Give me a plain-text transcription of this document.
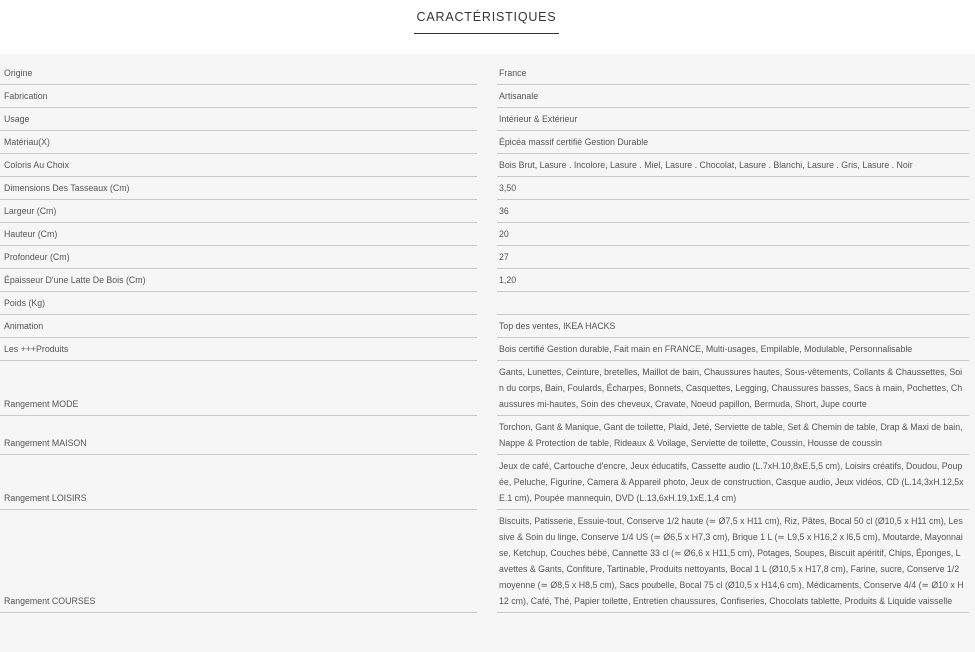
CARACTÉRISTIQUES
Origine		France	
Fabrication		Artisanale	
Usage		Intérieur & Extérieur	
Matériau(X)		Épicéa massif certifié Gestion Durable	
Coloris Au Choix		Bois Brut, Lasure . Incolore, Lasure . Miel, Lasure . Chocolat, Lasure . Blanchi, Lasure . Gris, Lasure . Noir	
Dimensions Des Tasseaux (Cm)		3,50	
Largeur (Cm)		36	
Hauteur (Cm)		20	
Profondeur (Cm)		27	
Épaisseur D'une Latte De Bois (Cm)		1,20	
Poids (Kg)			
Animation		Top des ventes, IKEA HACKS	
Les +++Produits		Bois certifié Gestion durable, Fait main en FRANCE, Multi-usages, Empilable, Modulable, Personnalisable	
Rangement MODE		Gants, Lunettes, Ceinture, bretelles, Maillot de bain, Chaussures hautes, Sous-vêtements, Collants & Chaussettes, Soin du corps, Bain, Foulards, Écharpes, Bonnets, Casquettes, Legging, Chaussures basses, Sacs à main, Pochettes, Chaussures mi-hautes, Soin des cheveux, Cravate, Noeud papillon, Bermuda, Short, Jupe courte	
Rangement MAISON		Torchon, Gant & Manique, Gant de toilette, Plaid, Jeté, Serviette de table, Set & Chemin de table, Drap & Maxi de bain, Nappe & Protection de table, Rideaux & Voilage, Serviette de toilette, Coussin, Housse de coussin	
Rangement LOISIRS		Jeux de café, Cartouche d'encre, Jeux éducatifs, Cassette audio (L.7xH.10,8xE.5,5 cm), Loisirs créatifs, Doudou, Poupée, Peluche, Figurine, Camera & Appareil photo, Jeux de construction, Casque audio, Jeux vidéos, CD (L.14,3xH.12,5xE.1 cm), Poupée mannequin, DVD (L.13,6xH.19,1xE.1,4 cm)	
Rangement COURSES		Biscuits, Patisserie, Essuie-tout, Conserve 1/2 haute (≃ Ø7,5 x H11 cm), Riz, Pâtes, Bocal 50 cl (Ø10,5 x H11 cm), Lessive & Soin du linge, Conserve 1/4 US (≃ Ø6,5 x H7,3 cm), Brique 1 L (≃ L9,5 x H16,2 x l6,5 cm), Moutarde, Mayonnaise, Ketchup, Couches bébé, Cannette 33 cl (≃ Ø6,6 x H11,5 cm), Potages, Soupes, Biscuit apéritif, Chips, Éponges, Lavettes & Gants, Confiture, Tartinable, Produits nettoyants, Bocal 1 L (Ø10,5 x H17,8 cm), Farine, sucre, Conserve 1/2 moyenne (≃ Ø8,5 x H8,5 cm), Sacs poubelle, Bocal 75 cl (Ø10,5 x H14,6 cm), Médicaments, Conserve 4/4 (≃ Ø10 x H12 cm), Café, Thé, Papier toilette, Entretien chaussures, Confiseries, Chocolats tablette, Produits & Liquide vaisselle	
